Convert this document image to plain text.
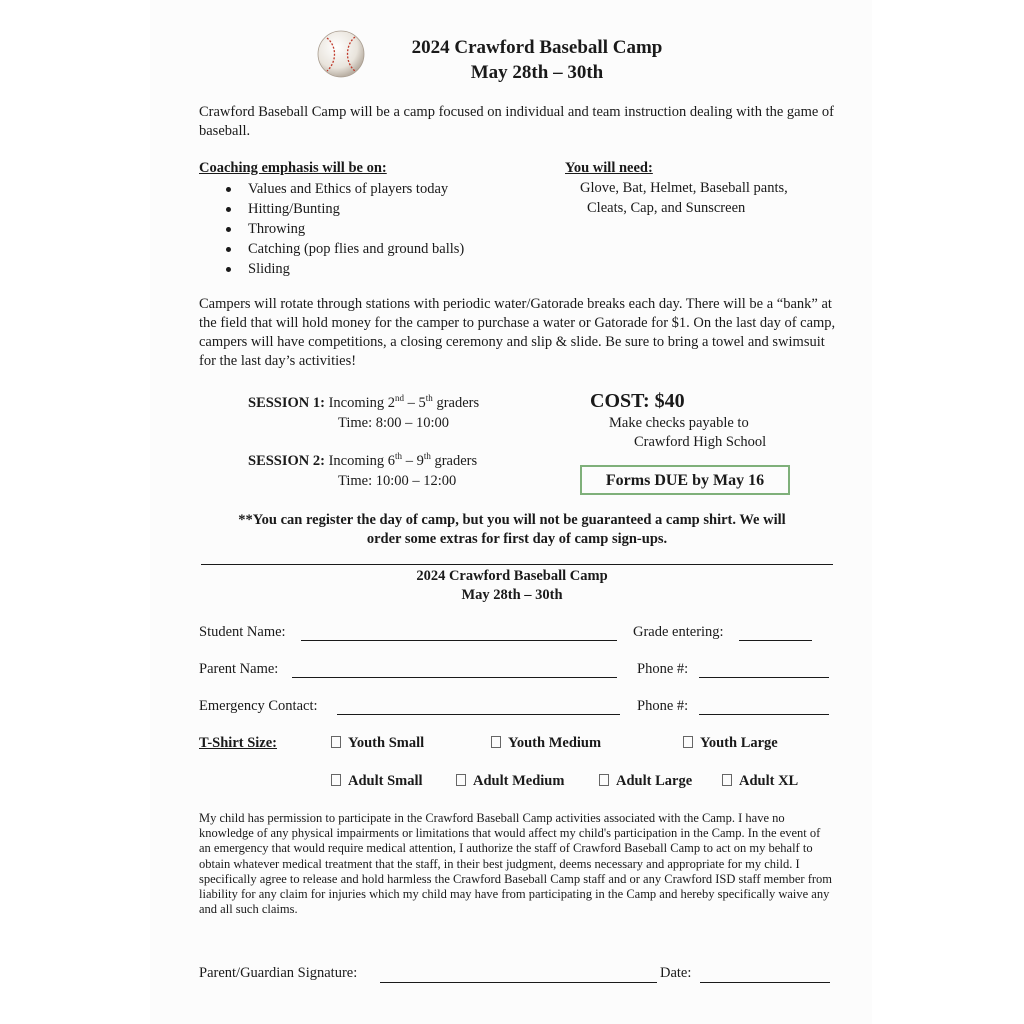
2024 Crawford Baseball Camp
May 28th – 30th
Crawford Baseball Camp will be a camp focused on individual and team instruction dealing with the game of baseball.
Coaching emphasis will be on:
Values and Ethics of players today
Hitting/Bunting
Throwing
Catching (pop flies and ground balls)
Sliding
You will need:
Glove, Bat, Helmet, Baseball pants,
Cleats, Cap, and Sunscreen
Campers will rotate through stations with periodic water/Gatorade breaks each day. There will be a “bank” at the field that will hold money for the camper to purchase a water or Gatorade for $1. On the last day of camp, campers will have competitions, a closing ceremony and slip & slide. Be sure to bring a towel and swimsuit for the last day’s activities!
SESSION 1: Incoming 2nd – 5th graders
Time: 8:00 – 10:00
SESSION 2: Incoming 6th – 9th graders
Time: 10:00 – 12:00
COST: $40
Make checks payable to
Crawford High School
Forms DUE by May 16
**You can register the day of camp, but you will not be guaranteed a camp shirt. We will
order some extras for first day of camp sign-ups.
2024 Crawford Baseball Camp
May 28th – 30th
Student Name:	Grade entering:
Parent Name:	Phone #:
Emergency Contact:	Phone #:
T-Shirt Size:	Youth Small	Youth Medium	Youth Large
Adult Small	Adult Medium	Adult Large	Adult XL
My child has permission to participate in the Crawford Baseball Camp activities associated with the Camp. I have no knowledge of any physical impairments or limitations that would affect my child's participation in the Camp. In the event of an emergency that would require medical attention, I authorize the staff of Crawford Baseball Camp to act on my behalf to obtain whatever medical treatment that the staff, in their best judgment, deems necessary and appropriate for my child. I specifically agree to release and hold harmless the Crawford Baseball Camp staff and or any Crawford ISD staff member from liability for any claim for injuries which my child may have from participating in the Camp and hereby specifically waive any and all such claims.
Parent/Guardian Signature:	Date:
